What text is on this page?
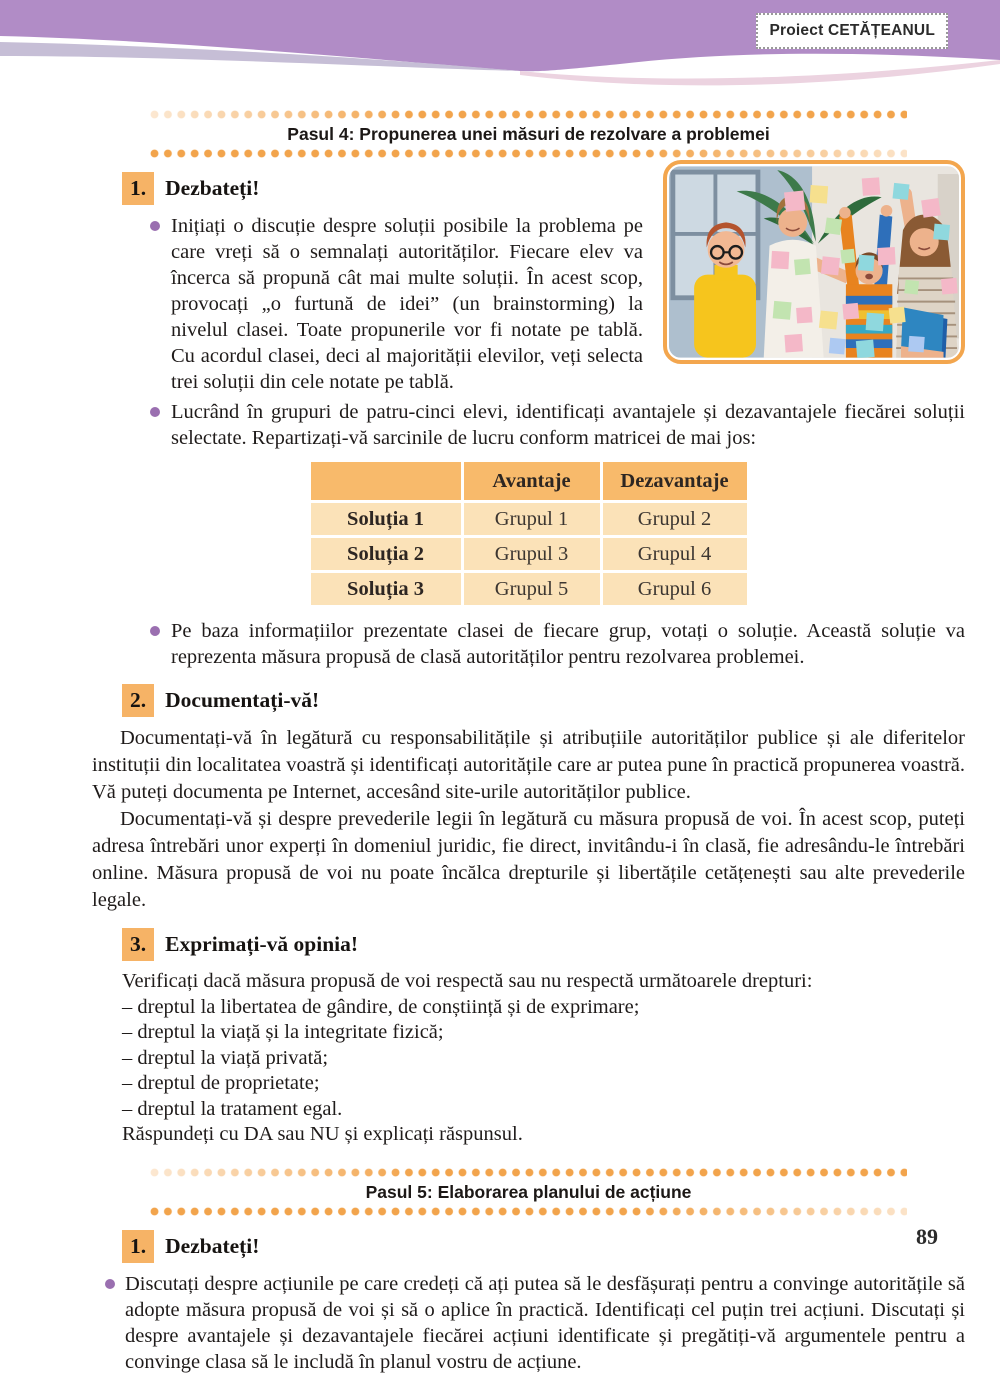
Proiect CETĂȚEANUL
Pasul 4: Propunerea unei măsuri de rezolvare a problemei
1. Dezbateți!
Inițiați o discuție despre soluții posibile la problema pe care vreți să o semnalați autorităților. Fiecare elev va încerca să propună cât mai multe soluții. În acest scop, provocați „o furtună de idei” (un brainstorming) la nivelul clasei. Toate propunerile vor fi notate pe tablă. Cu acordul clasei, deci al majorității elevilor, veți selecta trei soluții din cele notate pe tablă.
Lucrând în grupuri de patru-cinci elevi, identificați avantajele și dezavantajele fiecărei soluții selectate. Repartizați-vă sarcinile de lucru conform matricei de mai jos:
	Avantaje	Dezavantaje
Soluția 1	Grupul 1	Grupul 2
Soluția 2	Grupul 3	Grupul 4
Soluția 3	Grupul 5	Grupul 6
Pe baza informațiilor prezentate clasei de fiecare grup, votați o soluție. Această soluție va reprezenta măsura propusă de clasă autorităților pentru rezolvarea problemei.
2. Documentați-vă!

Documentați-vă în legătură cu responsabilitățile și atribuțiile autorităților publice și ale diferitelor instituții din localitatea voastră și identificați autoritățile care ar putea pune în practică propunerea voastră. Vă puteți documenta pe Internet, accesând site-urile autorităților publice.

Documentați-vă și despre prevederile legii în legătură cu măsura propusă de voi. În acest scop, puteți adresa întrebări unor experți în domeniul juridic, fie direct, invitându-i în clasă, fie adresându-le întrebări online. Măsura propusă de voi nu poate încălca drepturile și libertățile cetățenești sau alte prevederile legale.

3. Exprimați-vă opinia!
Verificați dacă măsura propusă de voi respectă sau nu respectă următoarele drepturi:
– dreptul la libertatea de gândire, de conștiință și de exprimare;
– dreptul la viață și la integritate fizică;
– dreptul la viață privată;
– dreptul de proprietate;
– dreptul la tratament egal.
Răspundeți cu DA sau NU și explicați răspunsul.
Pasul 5: Elaborarea planului de acțiune
1. Dezbateți!
Discutați despre acțiunile pe care credeți că ați putea să le desfășurați pentru a convinge autoritățile să adopte măsura propusă de voi și să o aplice în practică. Identificați cel puțin trei acțiuni. Discutați și despre avantajele și dezavantajele fiecărei acțiuni identificate și pregătiți-vă argumentele pentru a convinge clasa să le includă în planul vostru de acțiune.
89
